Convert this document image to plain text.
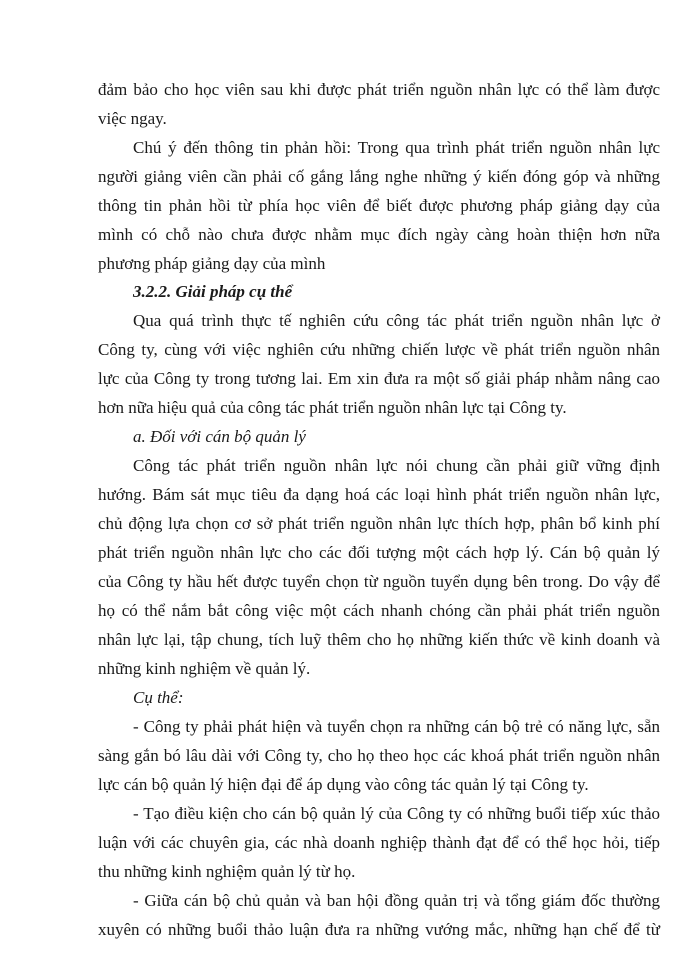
đảm bảo cho học viên sau khi được phát triển nguồn nhân lực có thể làm được
việc ngay.
Chú ý đến thông tin phản hồi: Trong qua trình phát triển nguồn nhân lực
người giảng viên cần phải cố gắng lắng nghe những ý kiến đóng góp và những
thông tin phản hồi từ phía học viên để biết được phương pháp giảng dạy của
mình có chỗ nào chưa được nhằm mục đích ngày càng hoàn thiện hơn nữa
phương pháp giảng dạy của mình
3.2.2. Giải pháp cụ thể
Qua quá trình thực tế nghiên cứu công tác phát triển nguồn nhân lực ở
Công ty, cùng với việc nghiên cứu những chiến lược về phát triển nguồn nhân
lực của Công ty trong tương lai. Em xin đưa ra một số giải pháp nhằm nâng cao
hơn nữa hiệu quả của công tác phát triển nguồn nhân lực tại Công ty.
a. Đối với cán bộ quản lý
Công tác phát triển nguồn nhân lực nói chung cần phải giữ vững định
hướng. Bám sát mục tiêu đa dạng hoá các loại hình phát triển nguồn nhân lực,
chủ động lựa chọn cơ sở phát triển nguồn nhân lực thích hợp, phân bổ kinh phí
phát triển nguồn nhân lực cho các đối tượng một cách hợp lý. Cán bộ quản lý
của Công ty hầu hết được tuyển chọn từ nguồn tuyển dụng bên trong. Do vậy để
họ có thể nắm bắt công việc một cách nhanh chóng cần phải phát triển nguồn
nhân lực lại, tập chung, tích luỹ thêm cho họ những kiến thức về kinh doanh và
những kinh nghiệm về quản lý.
Cụ thể:
- Công ty phải phát hiện và tuyển chọn ra những cán bộ trẻ có năng lực, sẵn
sàng gắn bó lâu dài với Công ty, cho họ theo học các khoá phát triển nguồn nhân
lực cán bộ quản lý hiện đại để áp dụng vào công tác quản lý tại Công ty.
- Tạo điều kiện cho cán bộ quản lý của Công ty có những buổi tiếp xúc thảo
luận với các chuyên gia, các nhà doanh nghiệp thành đạt để có thể học hỏi, tiếp
thu những kinh nghiệm quản lý từ họ.
- Giữa cán bộ chủ quản và ban hội đồng quản trị và tổng giám đốc thường
xuyên có những buổi thảo luận đưa ra những vướng mắc, những hạn chế để từ
